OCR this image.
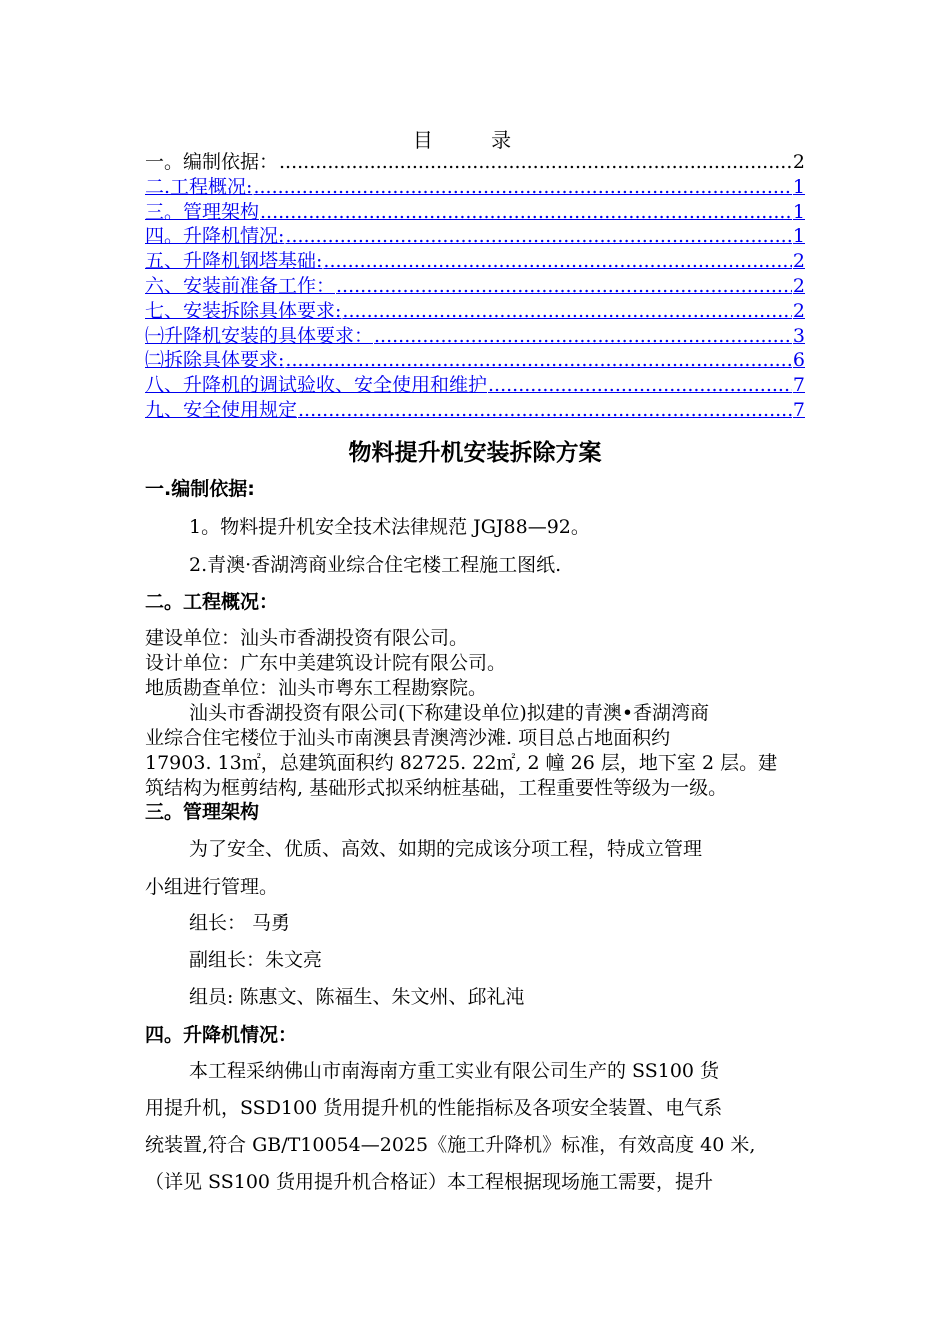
目 录
一。编制依据： .....	2
二.工程概况: .....	1
三。管理架构 .....	1
四。升降机情况: .....	1
五、升降机钢塔基础: .....	2
六、安装前准备工作： .....	2
七、安装拆除具体要求: .....	2
㈠升降机安装的具体要求： .....	3
㈡拆除具体要求: .....	6
八、升降机的调试验收、安全使用和维护 .....	7
九、安全使用规定 .....	7
物料提升机安装拆除方案
一.编制依据:
1。物料提升机安全技术法律规范 JGJ88—92。
2.青澳·香湖湾商业综合住宅楼工程施工图纸.
二。工程概况：
建设单位：汕头市香湖投资有限公司。
设计单位：广东中美建筑设计院有限公司。
地质勘查单位：汕头市粤东工程勘察院。
汕头市香湖投资有限公司(下称建设单位)拟建的青澳•香湖湾商
业综合住宅楼位于汕头市南澳县青澳湾沙滩. 项目总占地面积约
17903. 13㎡，总建筑面积约 82725. 22㎡, 2 幢 26 层，地下室 2 层。建
筑结构为框剪结构, 基础形式拟采纳桩基础，工程重要性等级为一级。
三。管理架构
为了安全、优质、高效、如期的完成该分项工程，特成立管理
小组进行管理。
组长： 马勇
副组长：朱文亮
组员: 陈惠文、陈福生、朱文州、邱礼沌
四。升降机情况：
本工程采纳佛山市南海南方重工实业有限公司生产的 SS100 货
用提升机，SSD100 货用提升机的性能指标及各项安全装置、电气系
统装置,符合 GB/T10054—2025《施工升降机》标准，有效高度 40 米,
（详见 SS100 货用提升机合格证）本工程根据现场施工需要，提升
